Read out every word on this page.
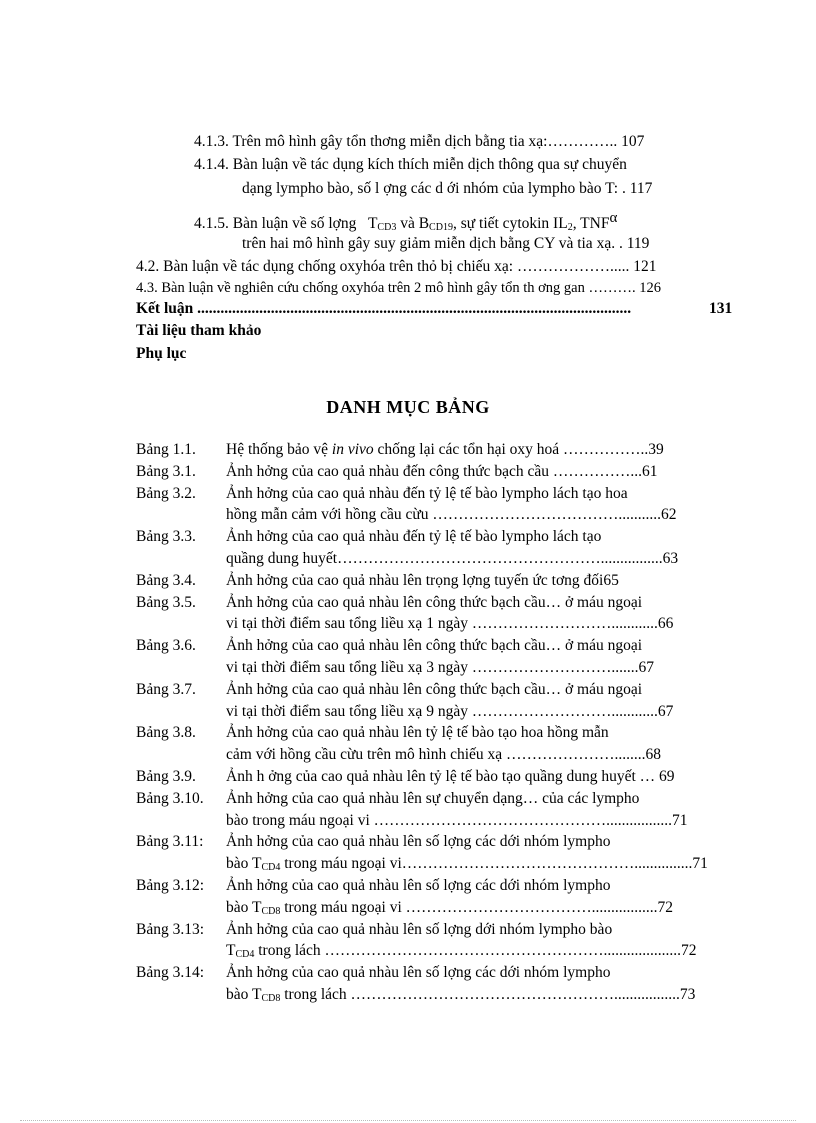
4.1.3. Trên mô hình gây tổn thơng miễn dịch bằng tia xạ:………….. 107
4.1.4. Bàn luận về tác dụng kích thích miễn dịch thông qua sự chuyển
dạng lympho bào, số l ợng các d ới nhóm của lympho bào T: . 117
4.1.5. Bàn luận về số lợng $T_{CD3}$ và $B_{CD19}$, sự tiết cytokin $IL_2$, $TNF^\alpha$
trên hai mô hình gây suy giảm miễn dịch bằng CY và tia xạ. . 119
4.2. Bàn luận về tác dụng chống oxyhóa trên thỏ bị chiếu xạ: ………………..... 121
4.3. Bàn luận về nghiên cứu chống oxyhóa trên 2 mô hình gây tổn th ơng gan ………. 126
Kết luận ................................................................................................................	131
Tài liệu tham khảo
Phụ lục
DANH MỤC BẢNG
Bảng 1.1. Hệ thống bảo vệ in vivo chống lại các tổn hại oxy hoá ……………..39
Bảng 3.1. Ảnh hởng của cao quả nhàu đến công thức bạch cầu ……………...61
Bảng 3.2. Ảnh hởng của cao quả nhàu đến tỷ lệ tế bào lympho lách tạo hoa
hồng mẫn cảm với hồng cầu cừu ………………………………...........62
Bảng 3.3. Ảnh hởng của cao quả nhàu đến tỷ lệ tế bào lympho lách tạo
quầng dung huyết……………………………………………................63
Bảng 3.4. Ảnh hởng của cao quả nhàu lên trọng lợng tuyến ức tơng đối65
Bảng 3.5. Ảnh hởng của cao quả nhàu lên công thức bạch cầu… ở máu ngoại
vi tại thời điểm sau tổng liều xạ 1 ngày ………………………............66
Bảng 3.6. Ảnh hởng của cao quả nhàu lên công thức bạch cầu… ở máu ngoại
vi tại thời điểm sau tổng liều xạ 3 ngày ……………………….......67
Bảng 3.7. Ảnh hởng của cao quả nhàu lên công thức bạch cầu… ở máu ngoại
vi tại thời điểm sau tổng liều xạ 9 ngày ………………………............67
Bảng 3.8. Ảnh hởng của cao quả nhàu lên tỷ lệ tế bào tạo hoa hồng mẫn
cảm với hồng cầu cừu trên mô hình chiếu xạ …………………........68
Bảng 3.9. Ảnh h ởng của cao quả nhàu lên tỷ lệ tế bào tạo quầng dung huyết … 69
Bảng 3.10. Ảnh hởng của cao quả nhàu lên sự chuyển dạng… của các lympho
bào trong máu ngoại vi ……………………………………….................71
Bảng 3.11: Ảnh hởng của cao quả nhàu lên số lợng các dới nhóm lympho
bào $T_{CD4}$ trong máu ngoại vi………………………………………...............71
Bảng 3.12: Ảnh hởng của cao quả nhàu lên số lợng các dới nhóm lympho
bào $T_{CD8}$ trong máu ngoại vi ……………………………….................72
Bảng 3.13: Ảnh hởng của cao quả nhàu lên số lợng dới nhóm lympho bào
$T_{CD4}$ trong lách ………………………………………………....................72
Bảng 3.14: Ảnh hởng của cao quả nhàu lên số lợng các dới nhóm lympho
bào $T_{CD8}$ trong lách …………………………………………….................73
